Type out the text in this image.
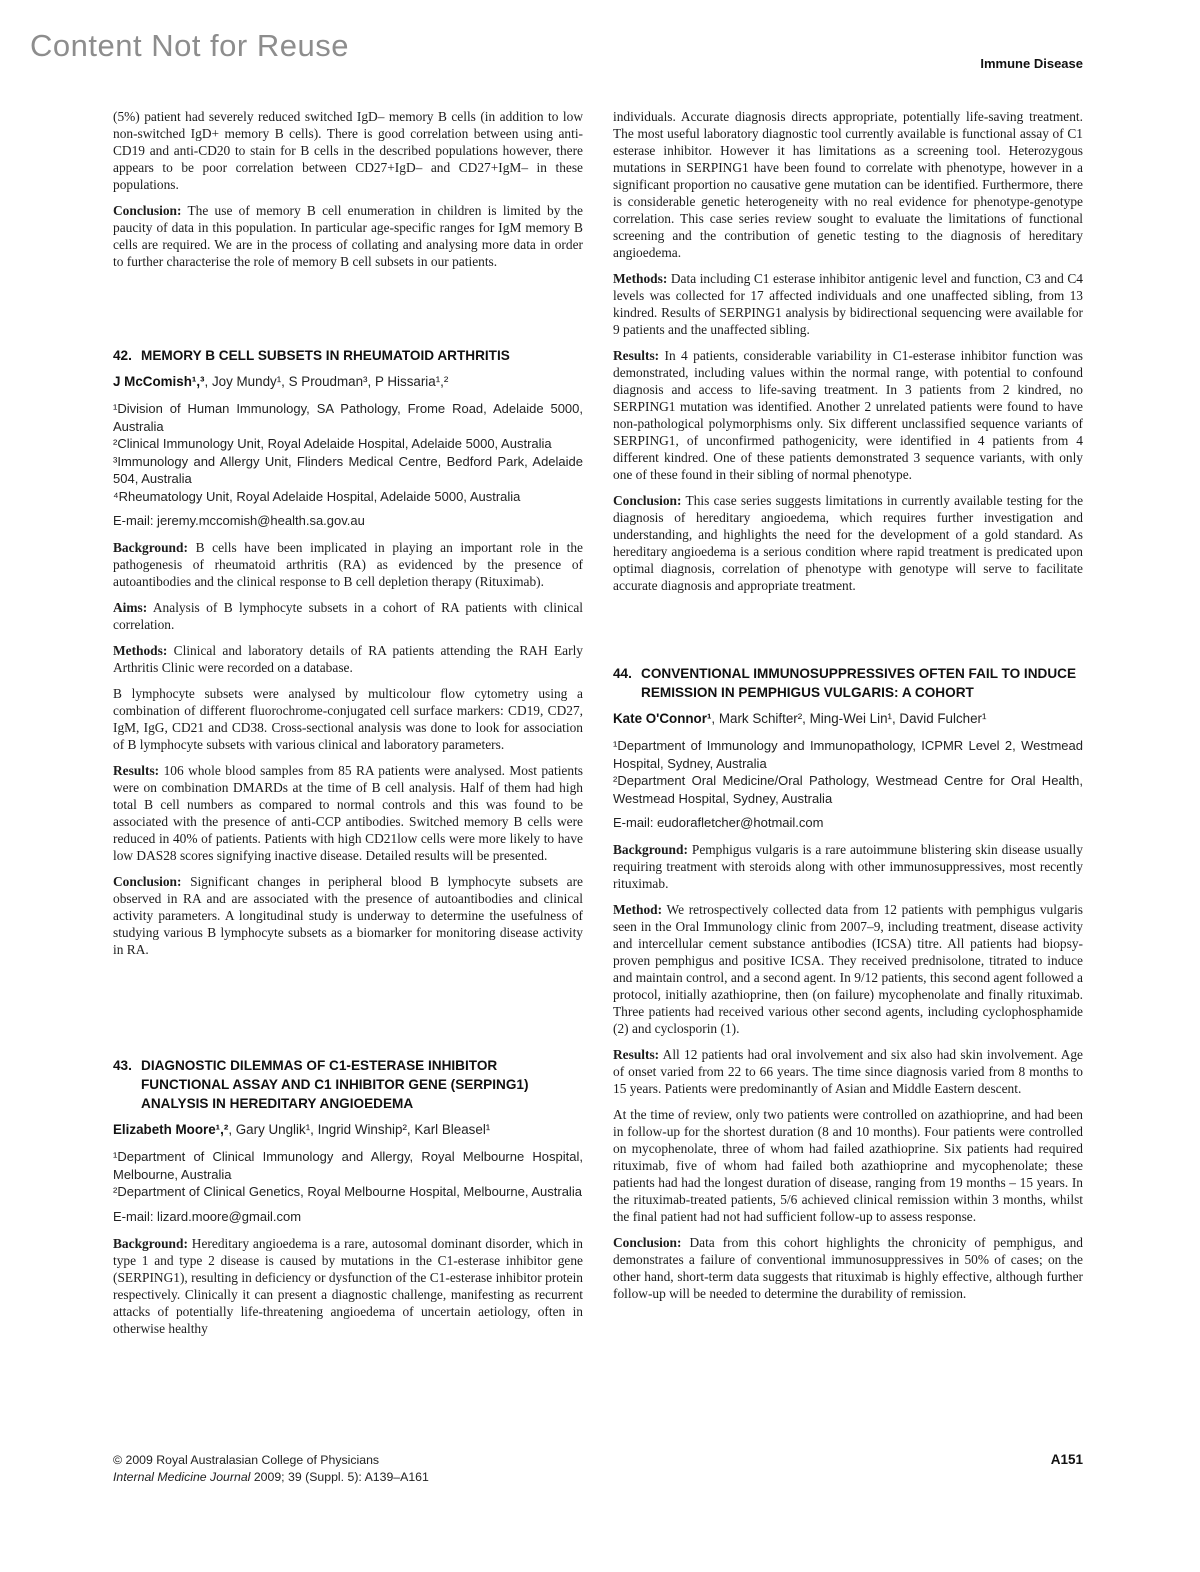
Content Not for Reuse
Immune Disease

(5%) patient had severely reduced switched IgD– memory B cells (in addition to low non-switched IgD+ memory B cells). There is good correlation between using anti-CD19 and anti-CD20 to stain for B cells in the described populations however, there appears to be poor correlation between CD27+IgD– and CD27+IgM– in these populations.

Conclusion: The use of memory B cell enumeration in children is limited by the paucity of data in this population. In particular age-specific ranges for IgM memory B cells are required. We are in the process of collating and analysing more data in order to further characterise the role of memory B cell subsets in our patients.

42. MEMORY B CELL SUBSETS IN RHEUMATOID ARTHRITIS

J McComish¹,³, Joy Mundy¹, S Proudman³, P Hissaria¹,²

¹Division of Human Immunology, SA Pathology, Frome Road, Adelaide 5000, Australia
²Clinical Immunology Unit, Royal Adelaide Hospital, Adelaide 5000, Australia
³Immunology and Allergy Unit, Flinders Medical Centre, Bedford Park, Adelaide 504, Australia
⁴Rheumatology Unit, Royal Adelaide Hospital, Adelaide 5000, Australia

E-mail: jeremy.mccomish@health.sa.gov.au

Background: B cells have been implicated in playing an important role in the pathogenesis of rheumatoid arthritis (RA) as evidenced by the presence of autoantibodies and the clinical response to B cell depletion therapy (Rituximab).

Aims: Analysis of B lymphocyte subsets in a cohort of RA patients with clinical correlation.

Methods: Clinical and laboratory details of RA patients attending the RAH Early Arthritis Clinic were recorded on a database.

B lymphocyte subsets were analysed by multicolour flow cytometry using a combination of different fluorochrome-conjugated cell surface markers: CD19, CD27, IgM, IgG, CD21 and CD38. Cross-sectional analysis was done to look for association of B lymphocyte subsets with various clinical and laboratory parameters.

Results: 106 whole blood samples from 85 RA patients were analysed. Most patients were on combination DMARDs at the time of B cell analysis. Half of them had high total B cell numbers as compared to normal controls and this was found to be associated with the presence of anti-CCP antibodies. Switched memory B cells were reduced in 40% of patients. Patients with high CD21low cells were more likely to have low DAS28 scores signifying inactive disease. Detailed results will be presented.

Conclusion: Significant changes in peripheral blood B lymphocyte subsets are observed in RA and are associated with the presence of autoantibodies and clinical activity parameters. A longitudinal study is underway to determine the usefulness of studying various B lymphocyte subsets as a biomarker for monitoring disease activity in RA.

43. DIAGNOSTIC DILEMMAS OF C1-ESTERASE INHIBITOR FUNCTIONAL ASSAY AND C1 INHIBITOR GENE (SERPING1) ANALYSIS IN HEREDITARY ANGIOEDEMA

Elizabeth Moore¹,², Gary Unglik¹, Ingrid Winship², Karl Bleasel¹

¹Department of Clinical Immunology and Allergy, Royal Melbourne Hospital, Melbourne, Australia
²Department of Clinical Genetics, Royal Melbourne Hospital, Melbourne, Australia

E-mail: lizard.moore@gmail.com

Background: Hereditary angioedema is a rare, autosomal dominant disorder, which in type 1 and type 2 disease is caused by mutations in the C1-esterase inhibitor gene (SERPING1), resulting in deficiency or dysfunction of the C1-esterase inhibitor protein respectively. Clinically it can present a diagnostic challenge, manifesting as recurrent attacks of potentially life-threatening angioedema of uncertain aetiology, often in otherwise healthy

individuals. Accurate diagnosis directs appropriate, potentially life-saving treatment. The most useful laboratory diagnostic tool currently available is functional assay of C1 esterase inhibitor. However it has limitations as a screening tool. Heterozygous mutations in SERPING1 have been found to correlate with phenotype, however in a significant proportion no causative gene mutation can be identified. Furthermore, there is considerable genetic heterogeneity with no real evidence for phenotype-genotype correlation. This case series review sought to evaluate the limitations of functional screening and the contribution of genetic testing to the diagnosis of hereditary angioedema.

Methods: Data including C1 esterase inhibitor antigenic level and function, C3 and C4 levels was collected for 17 affected individuals and one unaffected sibling, from 13 kindred. Results of SERPING1 analysis by bidirectional sequencing were available for 9 patients and the unaffected sibling.

Results: In 4 patients, considerable variability in C1-esterase inhibitor function was demonstrated, including values within the normal range, with potential to confound diagnosis and access to life-saving treatment. In 3 patients from 2 kindred, no SERPING1 mutation was identified. Another 2 unrelated patients were found to have non-pathological polymorphisms only. Six different unclassified sequence variants of SERPING1, of unconfirmed pathogenicity, were identified in 4 patients from 4 different kindred. One of these patients demonstrated 3 sequence variants, with only one of these found in their sibling of normal phenotype.

Conclusion: This case series suggests limitations in currently available testing for the diagnosis of hereditary angioedema, which requires further investigation and understanding, and highlights the need for the development of a gold standard. As hereditary angioedema is a serious condition where rapid treatment is predicated upon optimal diagnosis, correlation of phenotype with genotype will serve to facilitate accurate diagnosis and appropriate treatment.

44. CONVENTIONAL IMMUNOSUPPRESSIVES OFTEN FAIL TO INDUCE REMISSION IN PEMPHIGUS VULGARIS: A COHORT

Kate O'Connor¹, Mark Schifter², Ming-Wei Lin¹, David Fulcher¹

¹Department of Immunology and Immunopathology, ICPMR Level 2, Westmead Hospital, Sydney, Australia
²Department Oral Medicine/Oral Pathology, Westmead Centre for Oral Health, Westmead Hospital, Sydney, Australia

E-mail: eudorafletcher@hotmail.com

Background: Pemphigus vulgaris is a rare autoimmune blistering skin disease usually requiring treatment with steroids along with other immunosuppressives, most recently rituximab.

Method: We retrospectively collected data from 12 patients with pemphigus vulgaris seen in the Oral Immunology clinic from 2007–9, including treatment, disease activity and intercellular cement substance antibodies (ICSA) titre. All patients had biopsy-proven pemphigus and positive ICSA. They received prednisolone, titrated to induce and maintain control, and a second agent. In 9/12 patients, this second agent followed a protocol, initially azathioprine, then (on failure) mycophenolate and finally rituximab. Three patients had received various other second agents, including cyclophosphamide (2) and cyclosporin (1).

Results: All 12 patients had oral involvement and six also had skin involvement. Age of onset varied from 22 to 66 years. The time since diagnosis varied from 8 months to 15 years. Patients were predominantly of Asian and Middle Eastern descent.

At the time of review, only two patients were controlled on azathioprine, and had been in follow-up for the shortest duration (8 and 10 months). Four patients were controlled on mycophenolate, three of whom had failed azathioprine. Six patients had required rituximab, five of whom had failed both azathioprine and mycophenolate; these patients had had the longest duration of disease, ranging from 19 months – 15 years. In the rituximab-treated patients, 5/6 achieved clinical remission within 3 months, whilst the final patient had not had sufficient follow-up to assess response.

Conclusion: Data from this cohort highlights the chronicity of pemphigus, and demonstrates a failure of conventional immunosuppressives in 50% of cases; on the other hand, short-term data suggests that rituximab is highly effective, although further follow-up will be needed to determine the durability of remission.

© 2009 Royal Australasian College of Physicians
Internal Medicine Journal 2009; 39 (Suppl. 5): A139–A161
A151
